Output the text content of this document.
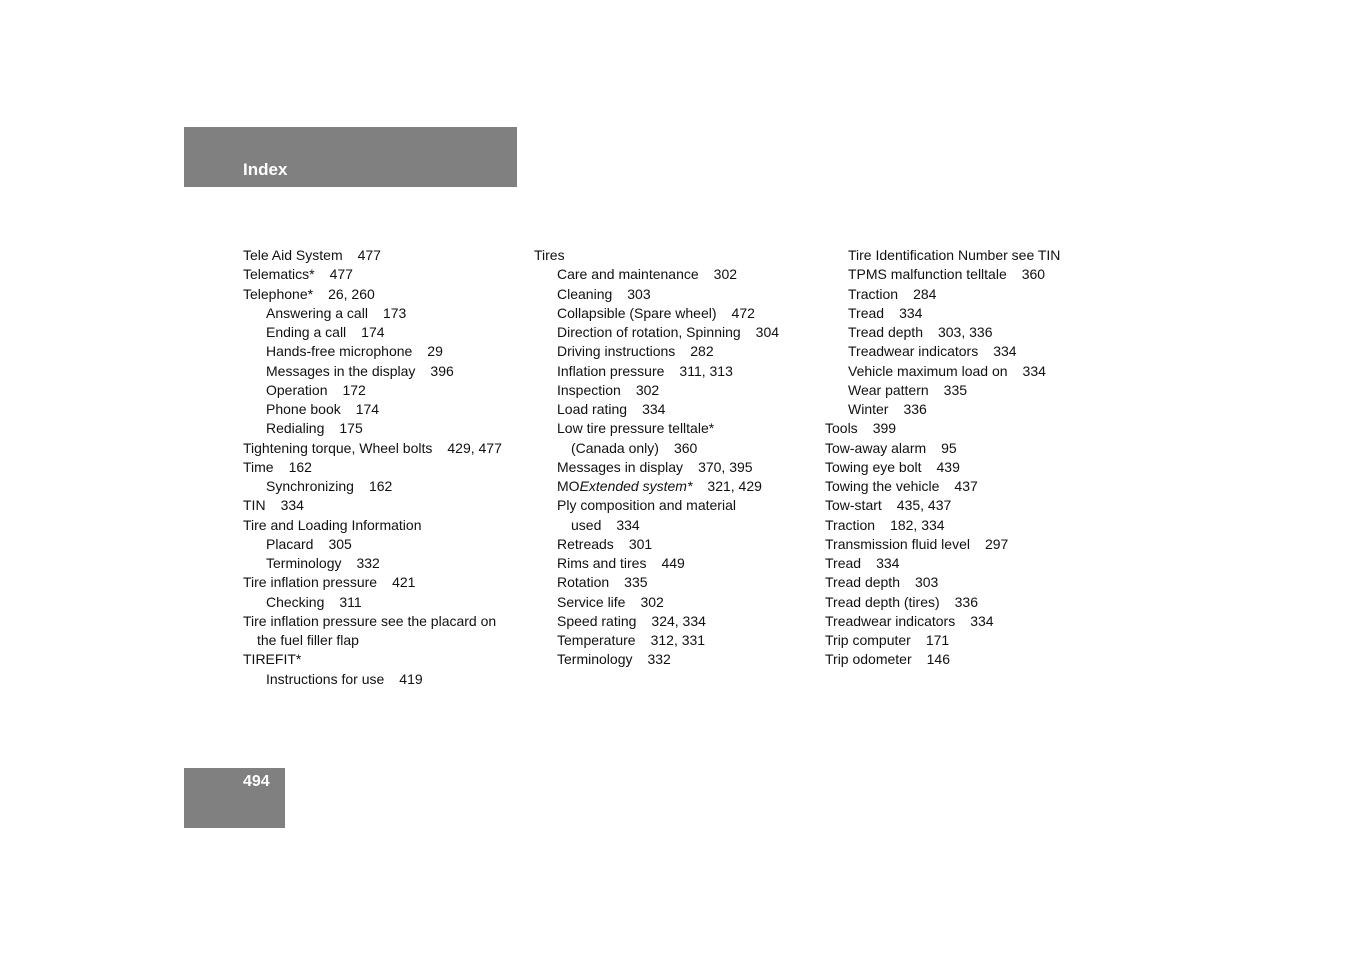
Index
Tele Aid System 477
Telematics* 477
Telephone* 26, 260
Answering a call 173
Ending a call 174
Hands-free microphone 29
Messages in the display 396
Operation 172
Phone book 174
Redialing 175
Tightening torque, Wheel bolts 429, 477
Time 162
Synchronizing 162
TIN 334
Tire and Loading Information
Placard 305
Terminology 332
Tire inflation pressure 421
Checking 311
Tire inflation pressure see the placard on
the fuel filler flap
TIREFIT*
Instructions for use 419
Tires
Care and maintenance 302
Cleaning 303
Collapsible (Spare wheel) 472
Direction of rotation, Spinning 304
Driving instructions 282
Inflation pressure 311, 313
Inspection 302
Load rating 334
Low tire pressure telltale*
(Canada only) 360
Messages in display 370, 395
MOExtended system* 321, 429
Ply composition and material
used 334
Retreads 301
Rims and tires 449
Rotation 335
Service life 302
Speed rating 324, 334
Temperature 312, 331
Terminology 332
Tire Identification Number see TIN
TPMS malfunction telltale 360
Traction 284
Tread 334
Tread depth 303, 336
Treadwear indicators 334
Vehicle maximum load on 334
Wear pattern 335
Winter 336
Tools 399
Tow-away alarm 95
Towing eye bolt 439
Towing the vehicle 437
Tow-start 435, 437
Traction 182, 334
Transmission fluid level 297
Tread 334
Tread depth 303
Tread depth (tires) 336
Treadwear indicators 334
Trip computer 171
Trip odometer 146
494
